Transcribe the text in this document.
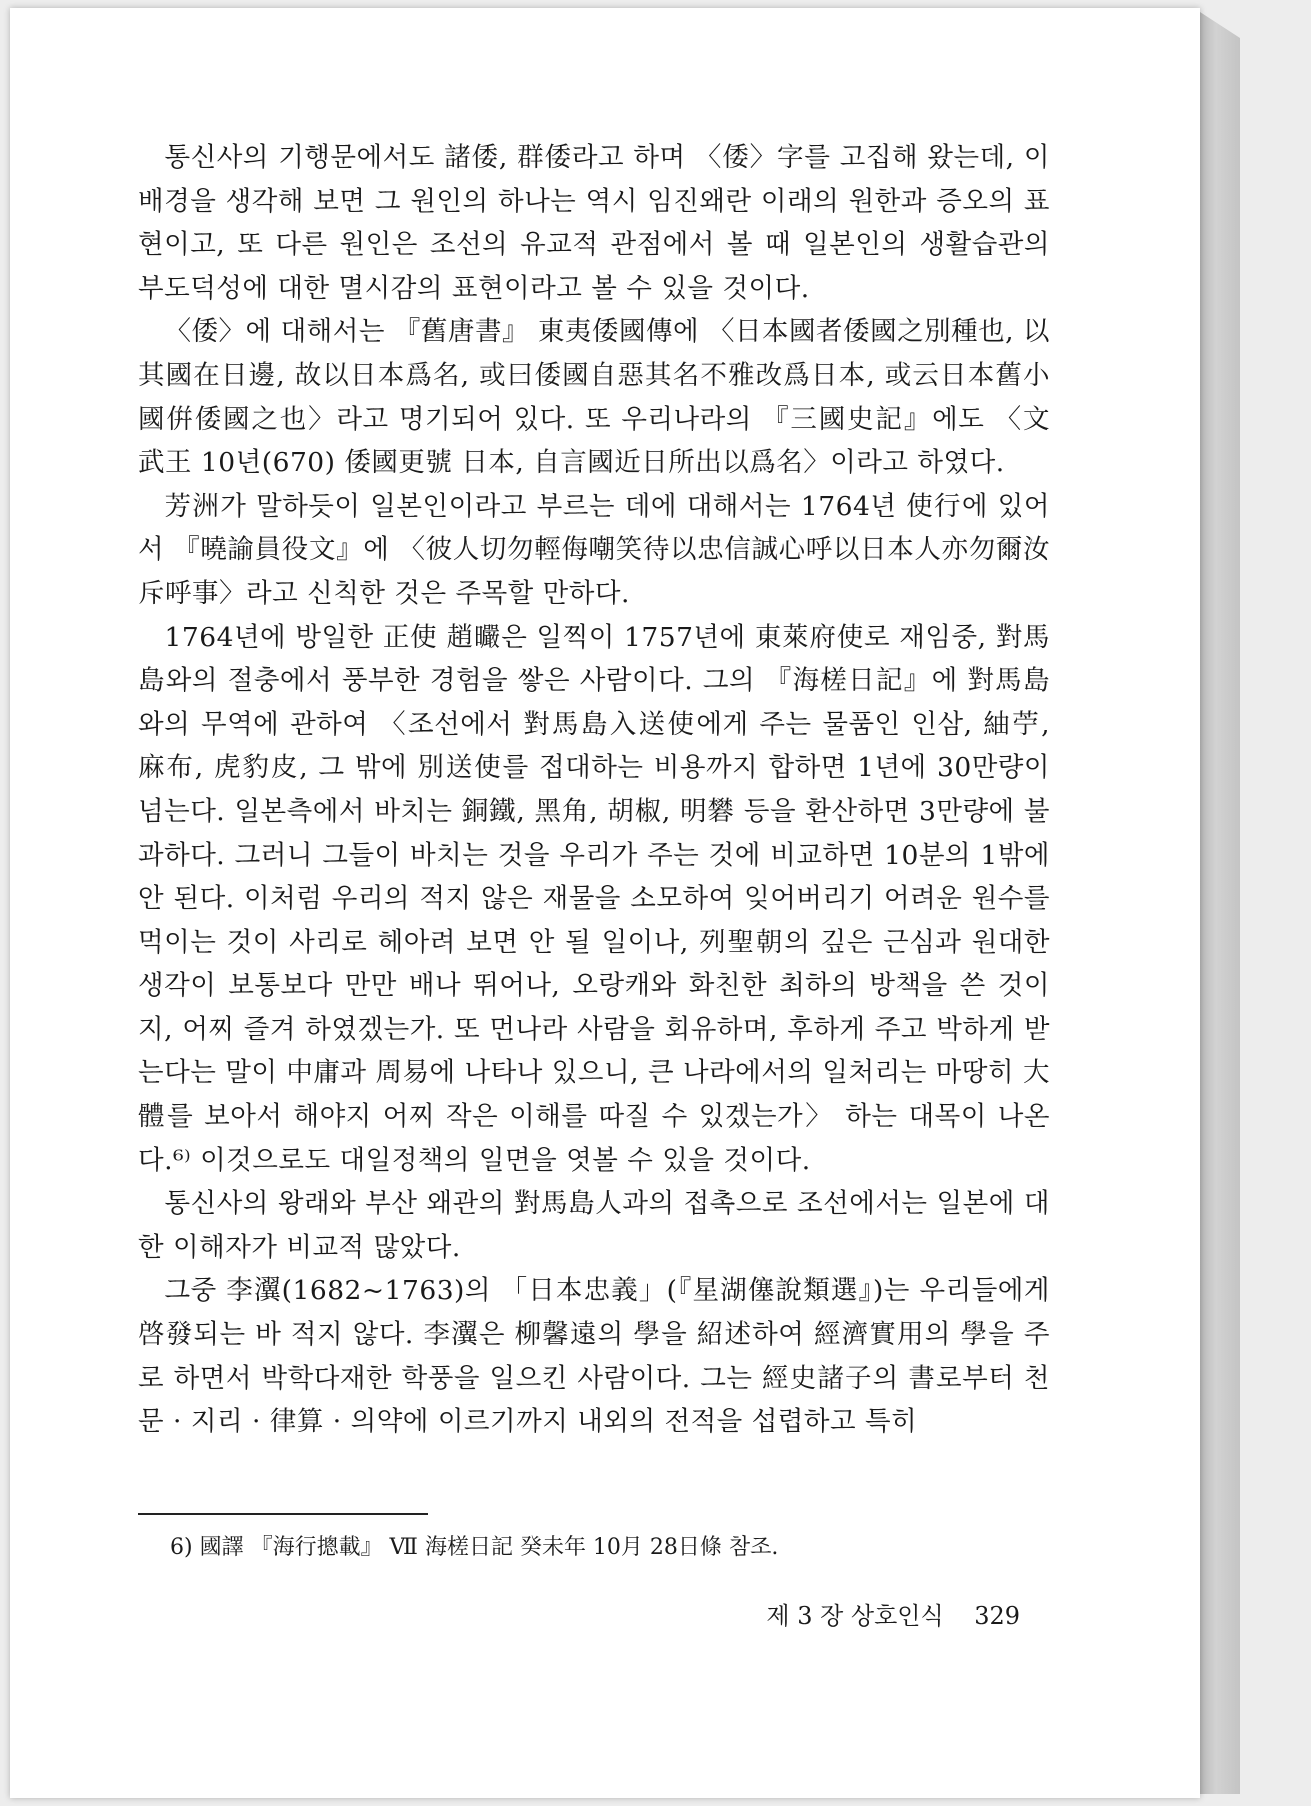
통신사의 기행문에서도 諸倭, 群倭라고 하며 〈倭〉字를 고집해 왔는데, 이 배경을 생각해 보면 그 원인의 하나는 역시 임진왜란 이래의 원한과 증오의 표현이고, 또 다른 원인은 조선의 유교적 관점에서 볼 때 일본인의 생활습관의 부도덕성에 대한 멸시감의 표현이라고 볼 수 있을 것이다.

〈倭〉에 대해서는 『舊唐書』 東夷倭國傳에 〈日本國者倭國之別種也, 以其國在日邊, 故以日本爲名, 或曰倭國自惡其名不雅改爲日本, 或云日本舊小國倂倭國之也〉라고 명기되어 있다. 또 우리나라의 『三國史記』에도 〈文武王 10년(670) 倭國更號 日本, 自言國近日所出以爲名〉이라고 하였다.

芳洲가 말하듯이 일본인이라고 부르는 데에 대해서는 1764년 使行에 있어서 『曉諭員役文』에 〈彼人切勿輕侮嘲笑待以忠信誠心呼以日本人亦勿爾汝斥呼事〉라고 신칙한 것은 주목할 만하다.

1764년에 방일한 正使 趙曮은 일찍이 1757년에 東萊府使로 재임중, 對馬島와의 절충에서 풍부한 경험을 쌓은 사람이다. 그의 『海槎日記』에 對馬島와의 무역에 관하여 〈조선에서 對馬島入送使에게 주는 물품인 인삼, 紬苧, 麻布, 虎豹皮, 그 밖에 別送使를 접대하는 비용까지 합하면 1년에 30만량이 넘는다. 일본측에서 바치는 銅鐵, 黑角, 胡椒, 明礬 등을 환산하면 3만량에 불과하다. 그러니 그들이 바치는 것을 우리가 주는 것에 비교하면 10분의 1밖에 안 된다. 이처럼 우리의 적지 않은 재물을 소모하여 잊어버리기 어려운 원수를 먹이는 것이 사리로 헤아려 보면 안 될 일이나, 列聖朝의 깊은 근심과 원대한 생각이 보통보다 만만 배나 뛰어나, 오랑캐와 화친한 최하의 방책을 쓴 것이지, 어찌 즐겨 하였겠는가. 또 먼나라 사람을 회유하며, 후하게 주고 박하게 받는다는 말이 中庸과 周易에 나타나 있으니, 큰 나라에서의 일처리는 마땅히 大體를 보아서 해야지 어찌 작은 이해를 따질 수 있겠는가〉 하는 대목이 나온다.⁶⁾ 이것으로도 대일정책의 일면을 엿볼 수 있을 것이다.

통신사의 왕래와 부산 왜관의 對馬島人과의 접촉으로 조선에서는 일본에 대한 이해자가 비교적 많았다.

그중 李瀷(1682~1763)의 「日本忠義」(『星湖僿說類選』)는 우리들에게 啓發되는 바 적지 않다. 李瀷은 柳馨遠의 學을 紹述하여 經濟實用의 學을 주로 하면서 박학다재한 학풍을 일으킨 사람이다. 그는 經史諸子의 書로부터 천문 · 지리 · 律算 · 의약에 이르기까지 내외의 전적을 섭렵하고 특히

6) 國譯 『海行摠載』 Ⅶ 海槎日記 癸未年 10月 28日條 참조.
제 3 장 상호인식 329
